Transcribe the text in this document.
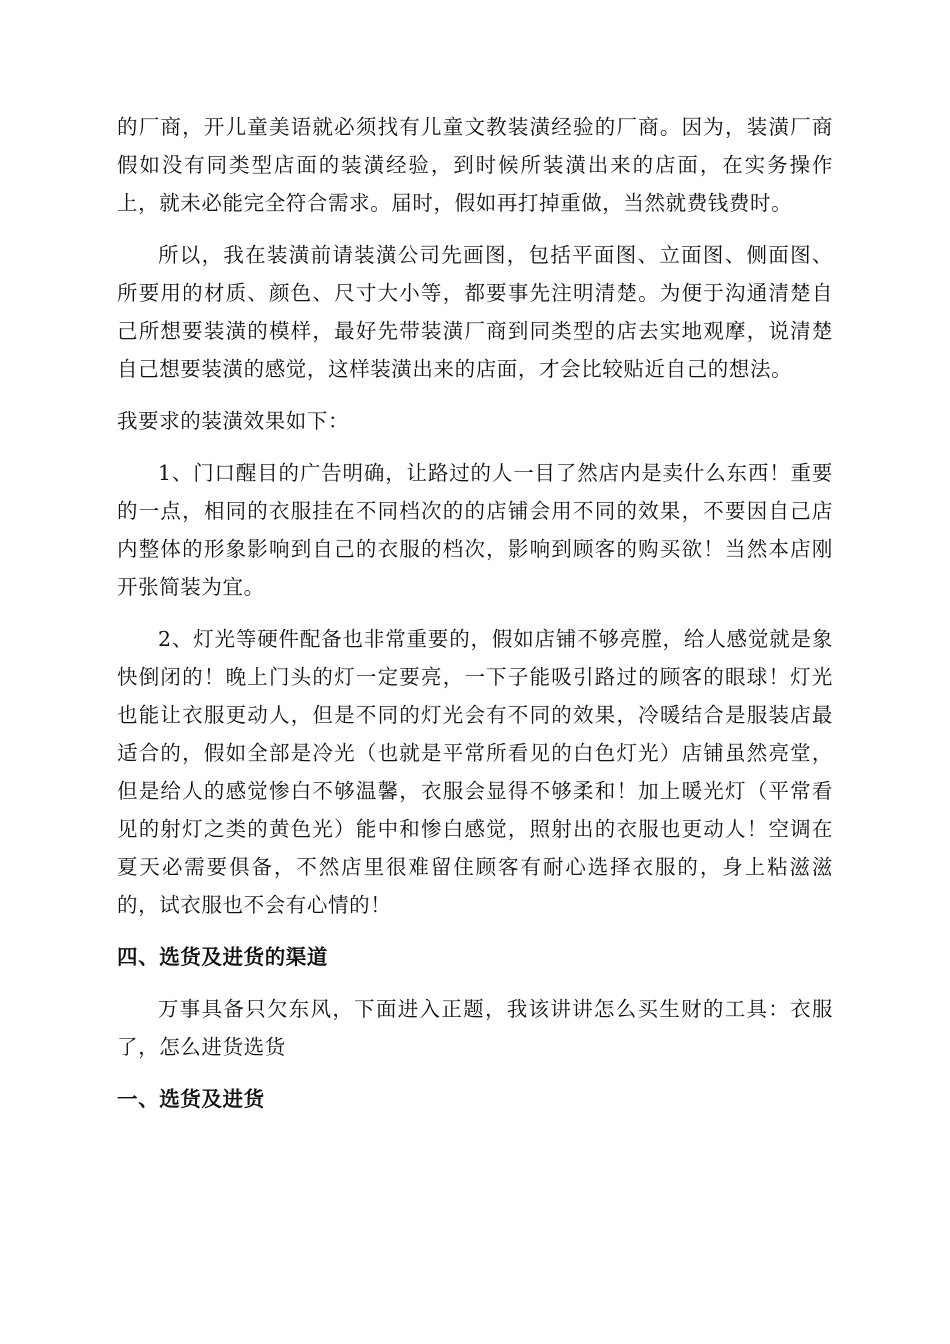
的厂商，开儿童美语就必须找有儿童文教装潢经验的厂商。因为，装潢厂商假如没有同类型店面的装潢经验，到时候所装潢出来的店面，在实务操作上，就未必能完全符合需求。届时，假如再打掉重做，当然就费钱费时。

所以，我在装潢前请装潢公司先画图，包括平面图、立面图、侧面图、所要用的材质、颜色、尺寸大小等，都要事先注明清楚。为便于沟通清楚自己所想要装潢的模样，最好先带装潢厂商到同类型的店去实地观摩，说清楚自己想要装潢的感觉，这样装潢出来的店面，才会比较贴近自己的想法。

我要求的装潢效果如下：

1、门口醒目的广告明确，让路过的人一目了然店内是卖什么东西！重要的一点，相同的衣服挂在不同档次的的店铺会用不同的效果，不要因自己店内整体的形象影响到自己的衣服的档次，影响到顾客的购买欲！当然本店刚开张简装为宜。

2、灯光等硬件配备也非常重要的，假如店铺不够亮膛，给人感觉就是象快倒闭的！晚上门头的灯一定要亮，一下子能吸引路过的顾客的眼球！灯光也能让衣服更动人，但是不同的灯光会有不同的效果，冷暖结合是服装店最适合的，假如全部是冷光（也就是平常所看见的白色灯光）店铺虽然亮堂，但是给人的感觉惨白不够温馨，衣服会显得不够柔和！加上暖光灯（平常看见的射灯之类的黄色光）能中和惨白感觉，照射出的衣服也更动人！空调在夏天必需要俱备，不然店里很难留住顾客有耐心选择衣服的，身上粘滋滋的，试衣服也不会有心情的！

四、选货及进货的渠道

万事具备只欠东风，下面进入正题，我该讲讲怎么买生财的工具：衣服了，怎么进货选货

一、选货及进货
